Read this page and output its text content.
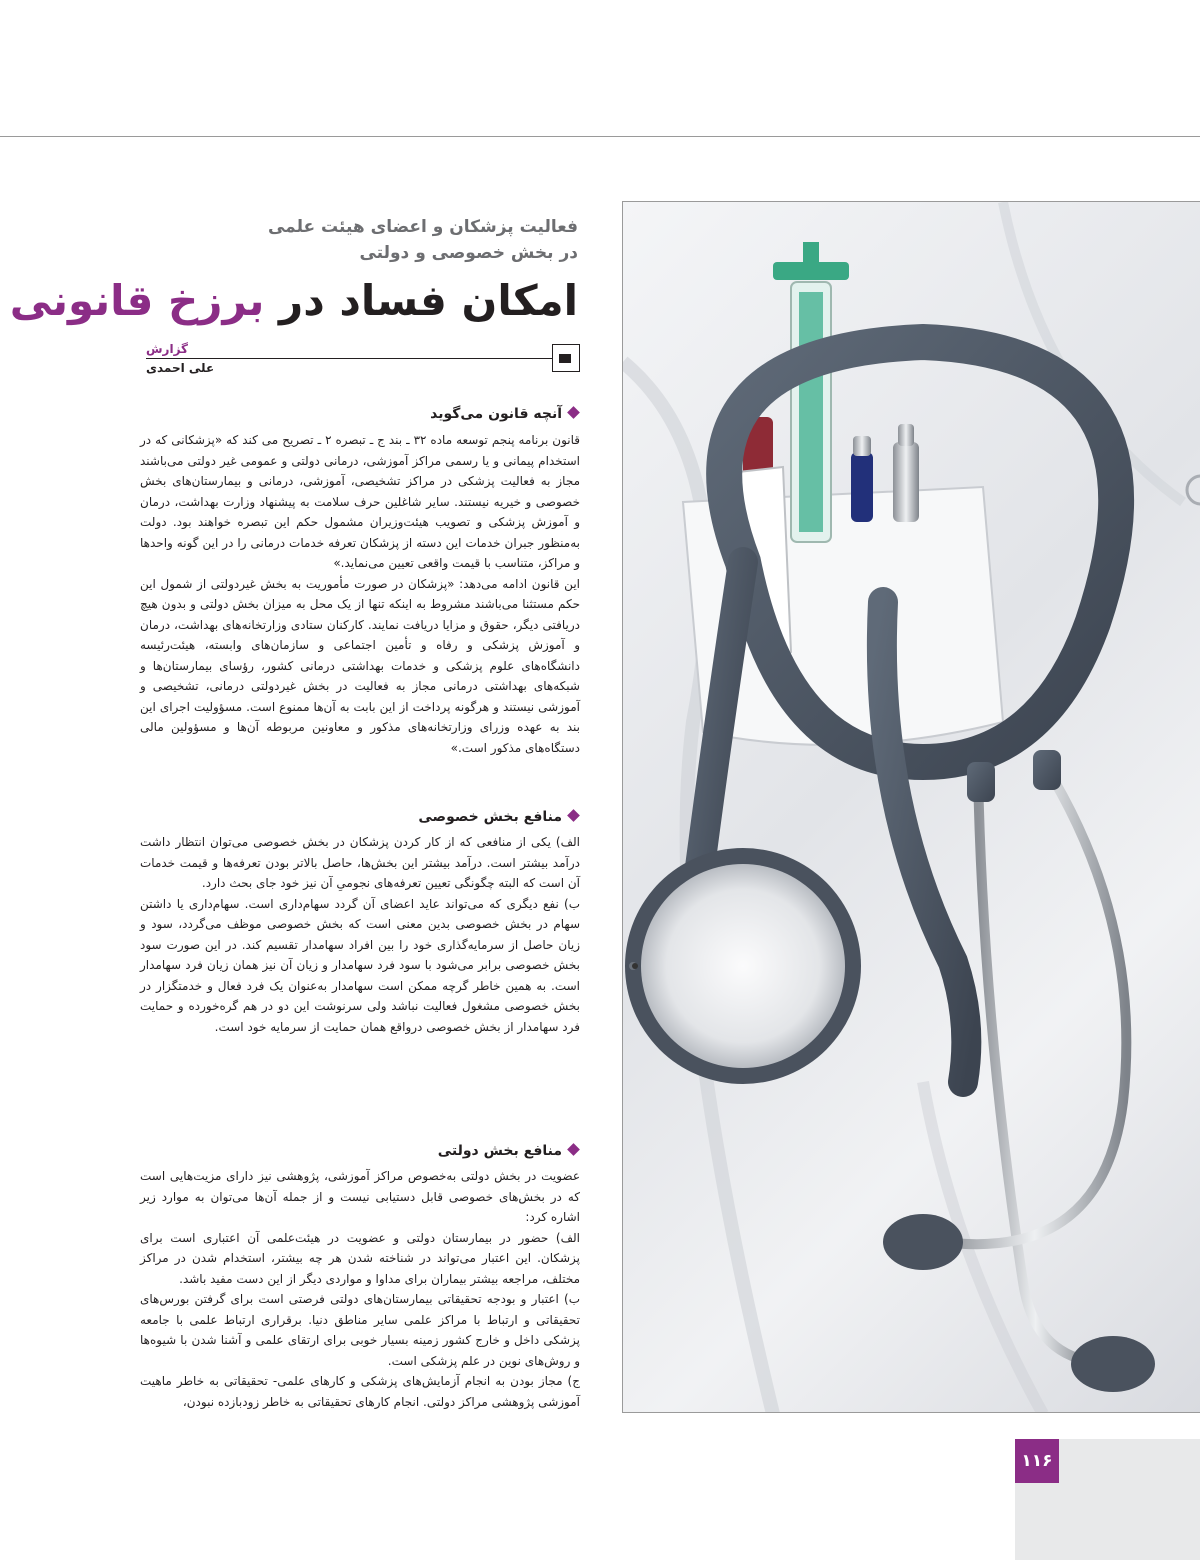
فعالیت پزشکان و اعضای هیئت علمی

در بخش خصوصی و دولتی

امکان فساد در برزخ قانونی
گزارش
علی احمدی
آنچه قانون می‌گوید

قانون برنامه پنجم توسعه ماده ۳۲ ـ بند ج ـ تبصره ۲ ـ تصریح می کند که «پزشکانی که در استخدام پیمانی و یا رسمی مراکز آموزشی، درمانی دولتی و عمومی غیر دولتی می‌باشند مجاز به فعالیت پزشکی در مراکز تشخیصی، آموزشی، درمانی و بیمارستان‌های بخش خصوصی و خیریه نیستند. سایر شاغلین حرف سلامت به پیشنهاد وزارت بهداشت، درمان و آموزش پزشکی و تصویب هیئت‌وزیران مشمول حکم این تبصره خواهند بود. دولت به‌منظور جبران خدمات این دسته از پزشکان تعرفه خدمات درمانی را در این گونه واحدها و مراکز، متناسب با قیمت واقعی تعیین می‌نماید.»

این قانون ادامه می‌دهد: «پزشکان در صورت مأموریت به بخش غیردولتی از شمول این حکم مستثنا می‌باشند مشروط به اینکه تنها از یک محل به میزان بخش دولتی و بدون هیچ دریافتی دیگر، حقوق و مزایا دریافت نمایند. کارکنان ستادی وزارتخانه‌های بهداشت، درمان و آموزش پزشکی و رفاه و تأمین اجتماعی و سازمان‌های وابسته، هیئت‌رئیسه دانشگاه‌های علوم پزشکی و خدمات بهداشتی درمانی کشور، رؤسای بیمارستان‌ها و شبکه‌های بهداشتی درمانی مجاز به فعالیت در بخش غیردولتی درمانی، تشخیصی و آموزشی نیستند و هرگونه پرداخت از این بابت به آن‌ها ممنوع است. مسؤولیت اجرای این بند به عهده وزرای وزارتخانه‌های مذکور و معاونین مربوطه آن‌ها و مسؤولین مالی دستگاه‌های مذکور است.»

منافع بخش خصوصی

الف) یکی از منافعی که از کار کردن پزشکان در بخش خصوصی می‌توان انتظار داشت درآمد بیشتر است. درآمد بیشتر این بخش‌ها، حاصل بالاتر بودن تعرفه‌ها و قیمت خدمات آن است که البته چگونگی تعیین تعرفه‌های نجومیِ آن نیز خود جای بحث دارد.

ب) نفع دیگری که می‌تواند عاید اعضای آن گردد سهام‌داری است. سهام‌داری یا داشتن سهام در بخش خصوصی بدین معنی است که بخش خصوصی موظف می‌گردد، سود و زیان حاصل از سرمایه‌گذاری خود را بین افراد سهامدار تقسیم کند. در این صورت سود بخش خصوصی برابر می‌شود با سود فرد سهامدار و زیان آن نیز همان زیان فرد سهامدار است. به همین خاطر گرچه ممکن است سهامدار به‌عنوان یک فرد فعال و خدمتگزار در بخش خصوصی مشغول فعالیت نباشد ولی سرنوشت این دو در هم گره‌خورده و حمایت فرد سهامدار از بخش خصوصی درواقع همان حمایت از سرمایه خود است.

منافع بخش دولتی

عضویت در بخش دولتی به‌خصوص مراکز آموزشی، پژوهشی نیز دارای مزیت‌هایی است که در بخش‌های خصوصی قابل دستیابی نیست و از جمله آن‌ها می‌توان به موارد زیر اشاره کرد:

الف) حضور در بیمارستان دولتی و عضویت در هیئت‌علمی آن اعتباری است برای پزشکان. این اعتبار می‌تواند در شناخته شدن هر چه بیشتر، استخدام شدن در مراکز مختلف، مراجعه بیشتر بیماران برای مداوا و مواردی دیگر از این دست مفید باشد.

ب) اعتبار و بودجه تحقیقاتی بیمارستان‌های دولتی فرصتی است برای گرفتن بورس‌های تحقیقاتی و ارتباط با مراکز علمی سایر مناطق دنیا. برقراری ارتباط علمی با جامعه پزشکی داخل و خارج کشور زمینه بسیار خوبی برای ارتقای علمی و آشنا شدن با شیوه‌ها و روش‌های نوین در علم پزشکی است.

ج) مجاز بودن به انجام آزمایش‌های پزشکی و کارهای علمی- تحقیقاتی به خاطر ماهیت آموزشی پژوهشی مراکز دولتی. انجام کارهای تحقیقاتی به خاطر زودبازده نبودن،

۱۱۶
